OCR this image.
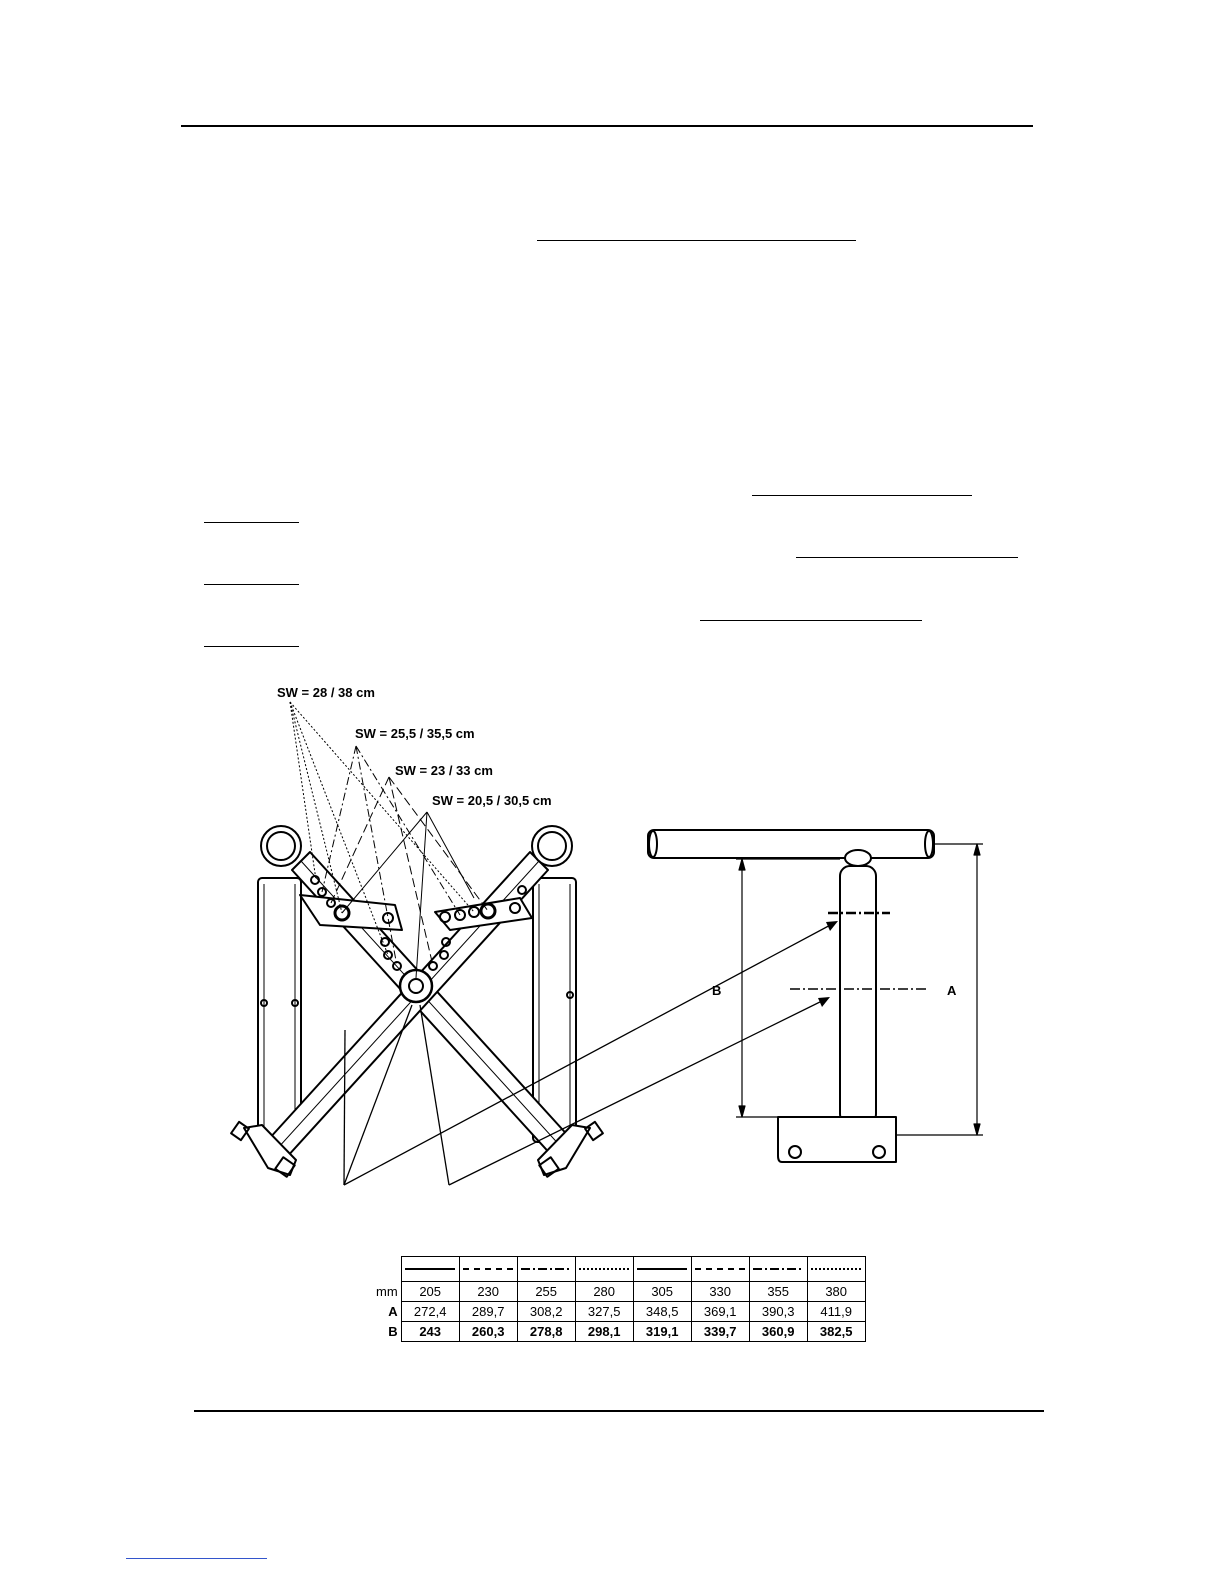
SW = 28 / 38 cm
SW = 25,5 / 35,5 cm
SW = 23 / 33 cm
SW = 20,5 / 30,5 cm
B	A

mm	205	230	255	280	305	330	355	380
A	272,4	289,7	308,2	327,5	348,5	369,1	390,3	411,9
B	243	260,3	278,8	298,1	319,1	339,7	360,9	382,5
